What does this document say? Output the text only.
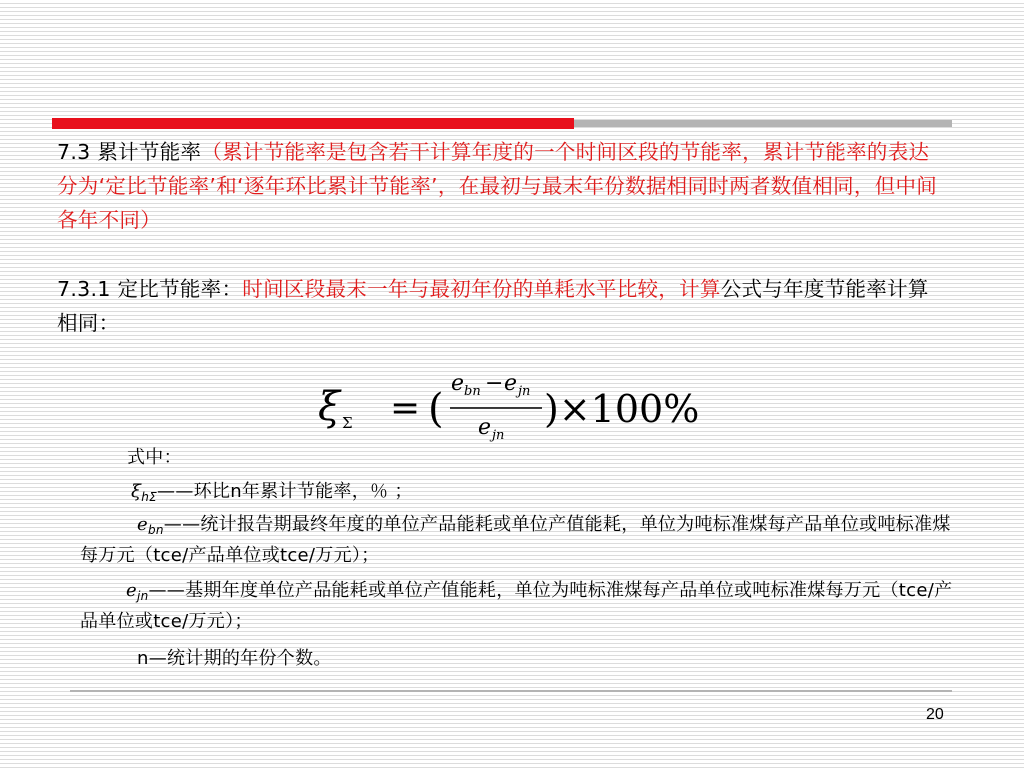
7.3 累计节能率（累计节能率是包含若干计算年度的一个时间区段的节能率，累计节能率的表达分为‘定比节能率’和‘逐年环比累计节能率’，在最初与最末年份数据相同时两者数值相同，但中间各年不同）
7.3.1 定比节能率：时间区段最末一年与最初年份的单耗水平比较，计算公式与年度节能率计算相同：
ξ Σ = (
e bn − e jn
e jn
)×100%
式中：
$\xi_{h\Sigma}——$环比n年累计节能率，％ ；
$e_{bn}——$统计报告期最终年度的单位产品能耗或单位产值能耗，单位为吨标准煤每产品单位或吨标准煤每万元（tce/产品单位或tce/万元）；
$e_{jn}——$基期年度单位产品能耗或单位产值能耗，单位为吨标准煤每产品单位或吨标准煤每万元（tce/产品单位或tce/万元）；
n—统计期的年份个数。
20
